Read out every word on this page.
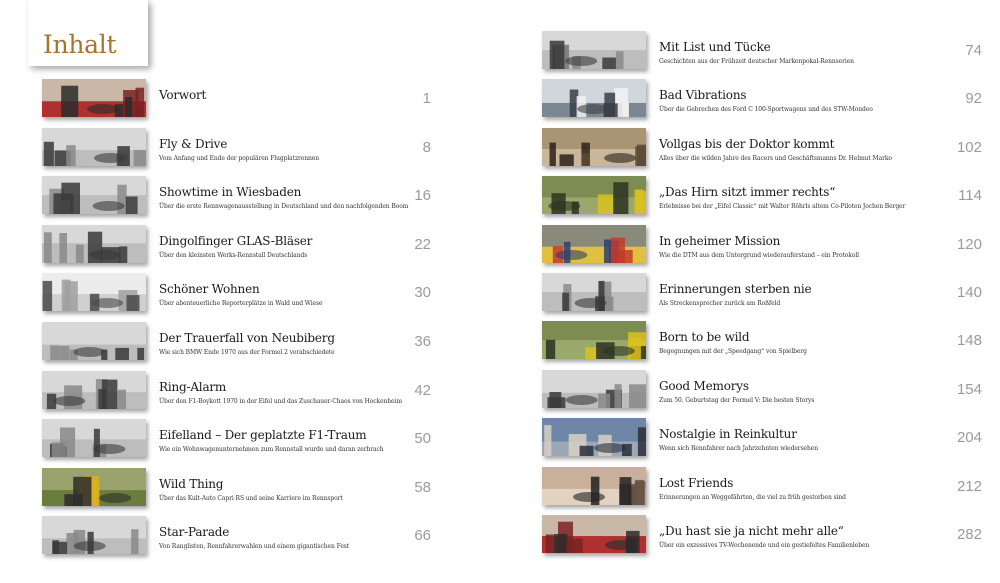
Inhalt
Vorwort	1
Fly & Drive
Vom Anfang und Ende der populären Flugplatzrennen
8
Showtime in Wiesbaden
Über die erste Rennwagenausstellung in Deutschland und den nachfolgenden Boom
16
Dingolfinger GLAS-Bläser
Über den kleinsten Werks-Rennstall Deutschlands
22
Schöner Wohnen
Über abenteuerliche Reporterplätze in Wald und Wiese
30
Der Trauerfall von Neubiberg
Wie sich BMW Ende 1970 aus der Formel 2 verabschiedete
36
Ring-Alarm
Über den F1-Boykott 1970 in der Eifel und das Zuschauer-Chaos von Hockenheim
42
Eifelland – Der geplatzte F1-Traum
Wie ein Wohnwagenunternehmen zum Rennstall wurde und daran zerbrach
50
Wild Thing
Über das Kult-Auto Capri RS und seine Karriere im Rennsport
58
Star-Parade
Von Ranglisten, Rennfahrerwahlen und einem gigantischen Fest
66
Mit List und Tücke
Geschichten aus der Frühzeit deutscher Markenpokal-Rennserien
74
Bad Vibrations
Über die Gebrechen des Ford C 100-Sportwagens und des STW-Mondeo
92
Vollgas bis der Doktor kommt
Alles über die wilden Jahre des Racers und Geschäftsmanns Dr. Helmut Marko
102
„Das Hirn sitzt immer rechts“
Erlebnisse bei der „Eifel Classic“ mit Walter Röhrls altem Co-Piloten Jochen Berger
114
In geheimer Mission
Wie die DTM aus dem Untergrund wiederauferstand – ein Protokoll
120
Erinnerungen sterben nie
Als Streckensprecher zurück am Roßfeld
140
Born to be wild
Begegnungen mit der „Speedgang“ von Spielberg
148
Good Memorys
Zum 50. Geburtstag der Formel V: Die besten Storys
154
Nostalgie in Reinkultur
Wenn sich Rennfahrer nach Jahrzehnten wiedersehen
204
Lost Friends
Erinnerungen an Weggefährten, die viel zu früh gestorben sind
212
„Du hast sie ja nicht mehr alle“
Über ein exzessives TV-Wochenende und ein gestiefeltes Familienleben
282
